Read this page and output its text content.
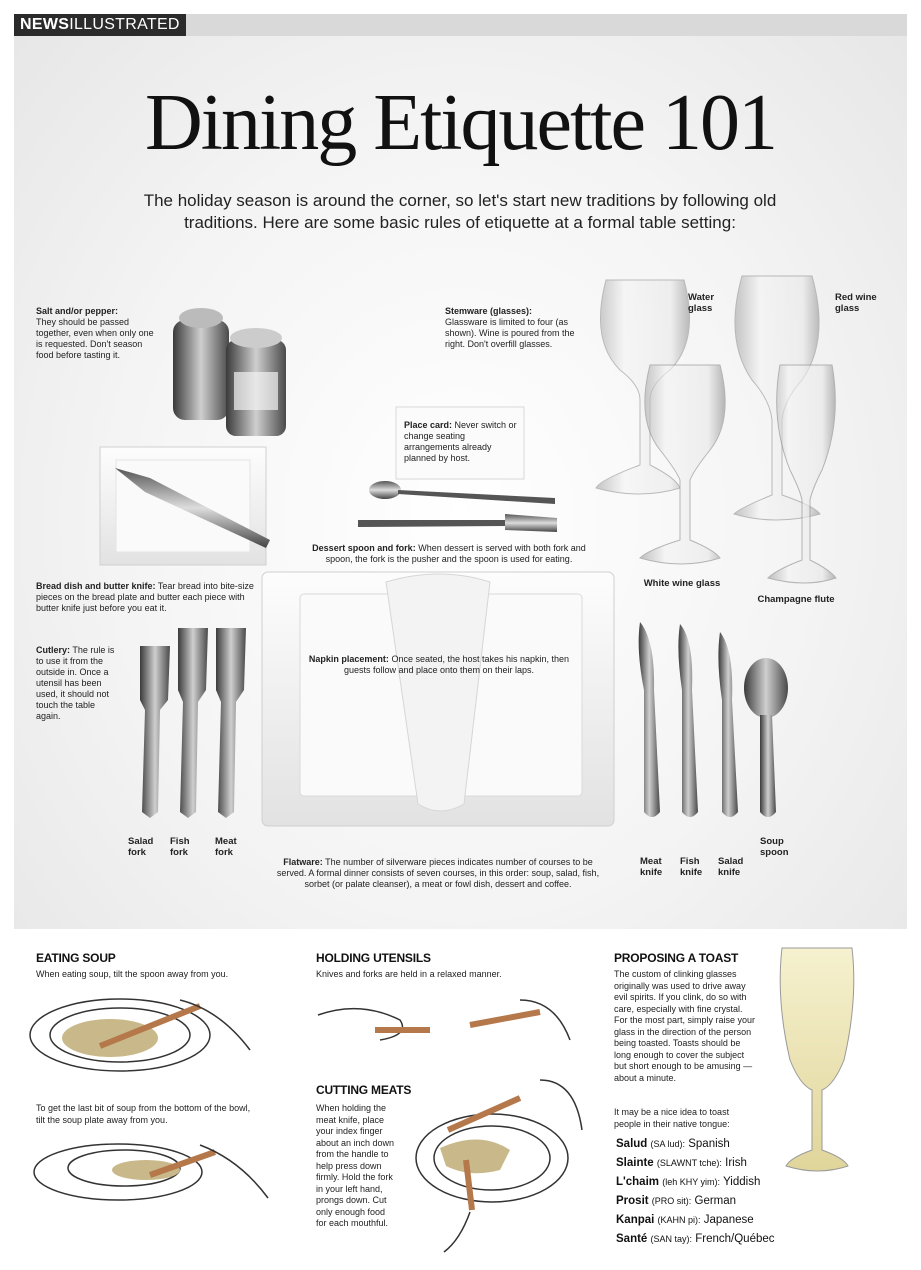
NEWSILLUSTRATED
Dining Etiquette 101
The holiday season is around the corner, so let's start new traditions by following old traditions. Here are some basic rules of etiquette at a formal table setting:
Salt and/or pepper:
They should be passed together, even when only one is requested. Don't season food before tasting it.
Stemware (glasses):
Glassware is limited to four (as shown). Wine is poured from the right. Don't overfill glasses.
Place card: Never switch or change seating arrangements already planned by host.
Dessert spoon and fork: When dessert is served with both fork and spoon, the fork is the pusher and the spoon is used for eating.
Bread dish and butter knife: Tear bread into bite-size pieces on the bread plate and butter each piece with butter knife just before you eat it.
Cutlery: The rule is to use it from the outside in. Once a utensil has been used, it should not touch the table again.
Napkin placement: Once seated, the host takes his napkin, then guests follow and place onto them on their laps.
Flatware: The number of silverware pieces indicates number of courses to be served. A formal dinner consists of seven courses, in this order: soup, salad, fish, sorbet (or palate cleanser), a meat or fowl dish, dessert and coffee.
Water glass
Red wine glass
White wine glass
Champagne flute
Salad fork
Fish fork
Meat fork
Meat knife
Fish knife
Salad knife
Soup spoon
EATING SOUP
When eating soup, tilt the spoon away from you.
To get the last bit of soup from the bottom of the bowl, tilt the soup plate away from you.
HOLDING UTENSILS
Knives and forks are held in a relaxed manner.
CUTTING MEATS
When holding the meat knife, place your index finger about an inch down from the handle to help press down firmly. Hold the fork in your left hand, prongs down. Cut only enough food for each mouthful.
PROPOSING A TOAST
The custom of clinking glasses originally was used to drive away evil spirits. If you clink, do so with care, especially with fine crystal. For the most part, simply raise your glass in the direction of the person being toasted. Toasts should be long enough to cover the subject but short enough to be amusing — about a minute.
It may be a nice idea to toast people in their native tongue:
Salud (SA lud): Spanish
Slainte (SLAWNT tche): Irish
L'chaim (leh KHY yim): Yiddish
Prosit (PRO sit): German
Kanpai (KAHN pi): Japanese
Santé (SAN tay): French/Québec
